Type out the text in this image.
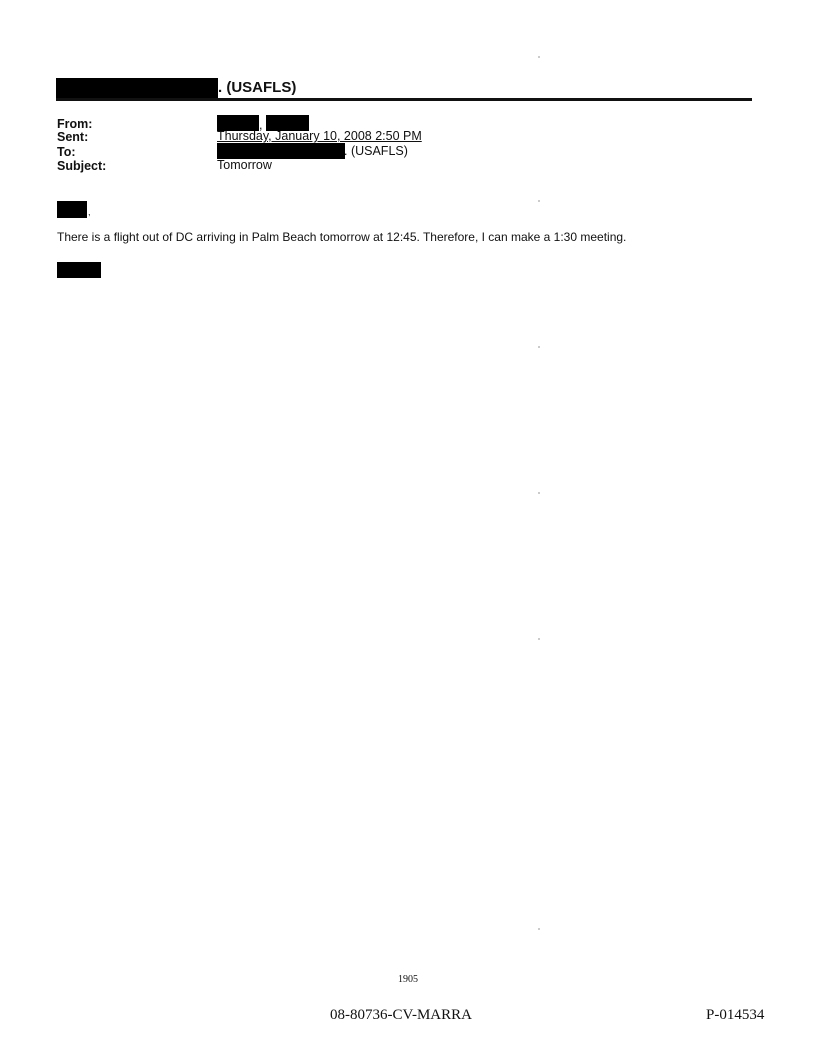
. (USAFLS)
From:
Sent:
To:
Subject:
,
Thursday, January 10, 2008 2:50 PM
. (USAFLS)
Tomorrow
,
There is a flight out of DC arriving in Palm Beach tomorrow at 12:45. Therefore, I can make a 1:30 meeting.
1905
08-80736-CV-MARRA	P-014534
